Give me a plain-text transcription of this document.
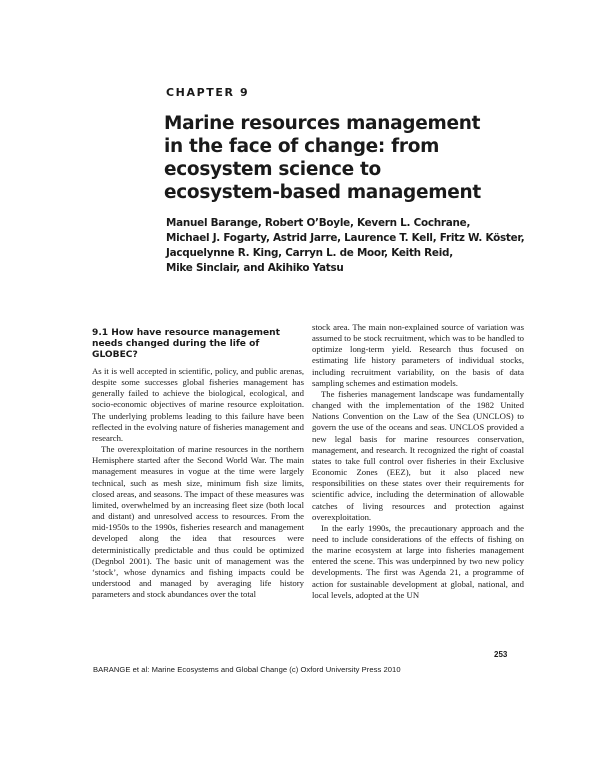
CHAPTER 9
Marine resources management
in the face of change: from
ecosystem science to
ecosystem-based management
Manuel Barange, Robert O’Boyle, Kevern L. Cochrane,
Michael J. Fogarty, Astrid Jarre, Laurence T. Kell, Fritz W. Köster,
Jacquelynne R. King, Carryn L. de Moor, Keith Reid,
Mike Sinclair, and Akihiko Yatsu
9.1 How have resource management needs changed during the life of GLOBEC?

As it is well accepted in scientific, policy, and public arenas, despite some successes global fisheries management has generally failed to achieve the biological, ecological, and socio-economic objectives of marine resource exploitation. The underlying problems leading to this failure have been reflected in the evolving nature of fisheries management and research.

The overexploitation of marine resources in the northern Hemisphere started after the Second World War. The main management measures in vogue at the time were largely technical, such as mesh size, minimum fish size limits, closed areas, and seasons. The impact of these measures was limited, overwhelmed by an increasing fleet size (both local and distant) and unresolved access to resources. From the mid-1950s to the 1990s, fisheries research and management developed along the idea that resources were deterministically predictable and thus could be optimized (Degnbol 2001). The basic unit of management was the ‘stock’, whose dynamics and fishing impacts could be understood and managed by averaging life history parameters and stock abundances over the total

stock area. The main non-explained source of variation was assumed to be stock recruitment, which was to be handled to optimize long-term yield. Research thus focused on estimating life history parameters of individual stocks, including recruitment variability, on the basis of data sampling schemes and estimation models.

The fisheries management landscape was fundamentally changed with the implementation of the 1982 United Nations Convention on the Law of the Sea (UNCLOS) to govern the use of the oceans and seas. UNCLOS provided a new legal basis for marine resources conservation, management, and research. It recognized the right of coastal states to take full control over fisheries in their Exclusive Economic Zones (EEZ), but it also placed new responsibilities on these states over their requirements for scientific advice, including the determination of allowable catches of living resources and protection against overexploitation.

In the early 1990s, the precautionary approach and the need to include considerations of the effects of fishing on the marine ecosystem at large into fisheries management entered the scene. This was underpinned by two new policy developments. The first was Agenda 21, a programme of action for sustainable development at global, national, and local levels, adopted at the UN

253
BARANGE et al: Marine Ecosystems and Global Change (c) Oxford University Press 2010
